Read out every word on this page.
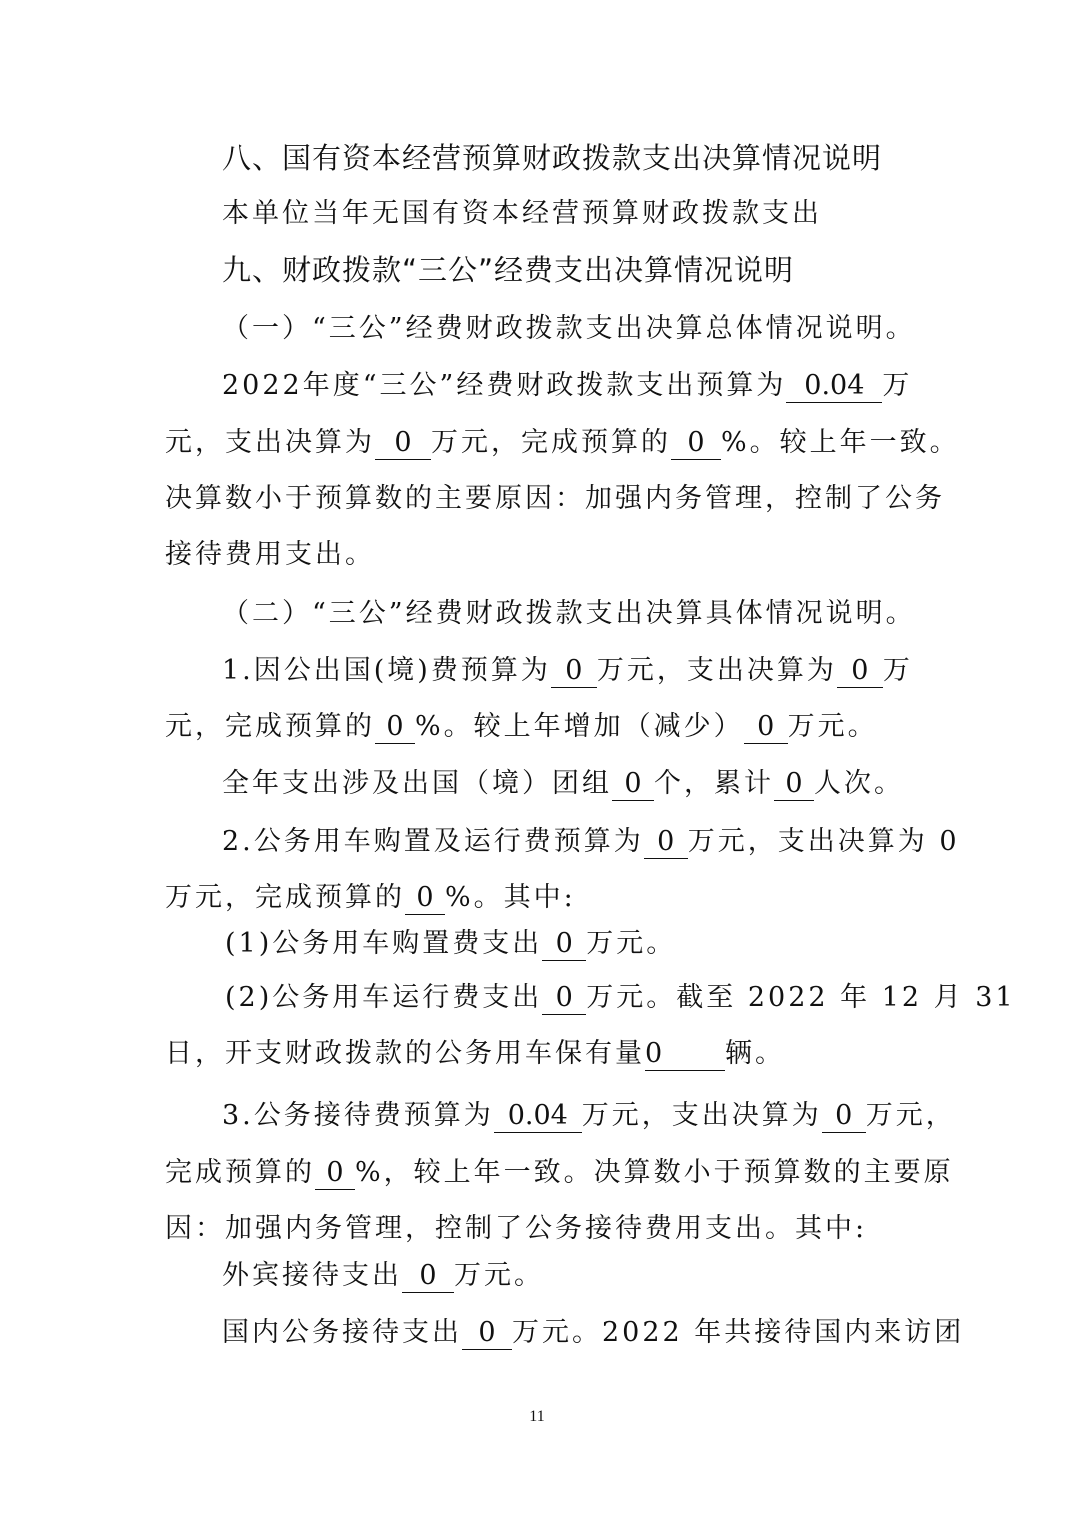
八、国有资本经营预算财政拨款支出决算情况说明
本单位当年无国有资本经营预算财政拨款支出
九、财政拨款“三公”经费支出决算情况说明
（一）“三公”经费财政拨款支出决算总体情况说明。
2022年度“三公”经费财政拨款支出预算为 0.04 万
元，支出决算为 0 万元，完成预算的 0 %。较上年一致。
决算数小于预算数的主要原因：加强内务管理，控制了公务
接待费用支出。
（二）“三公”经费财政拨款支出决算具体情况说明。
1.因公出国(境)费预算为 0 万元，支出决算为 0 万
元，完成预算的 0 %。较上年增加（减少） 0 万元。
全年支出涉及出国（境）团组 0 个，累计 0 人次。
2.公务用车购置及运行费预算为 0 万元，支出决算为 0
万元，完成预算的 0 %。其中:
(1)公务用车购置费支出 0 万元。
(2)公务用车运行费支出 0 万元。截至 2022 年 12 月 31
日，开支财政拨款的公务用车保有量0 辆。
3.公务接待费预算为 0.04 万元，支出决算为 0 万元，
完成预算的 0 %，较上年一致。决算数小于预算数的主要原
因：加强内务管理，控制了公务接待费用支出。其中:
外宾接待支出 0 万元。
国内公务接待支出 0 万元。2022 年共接待国内来访团
11
